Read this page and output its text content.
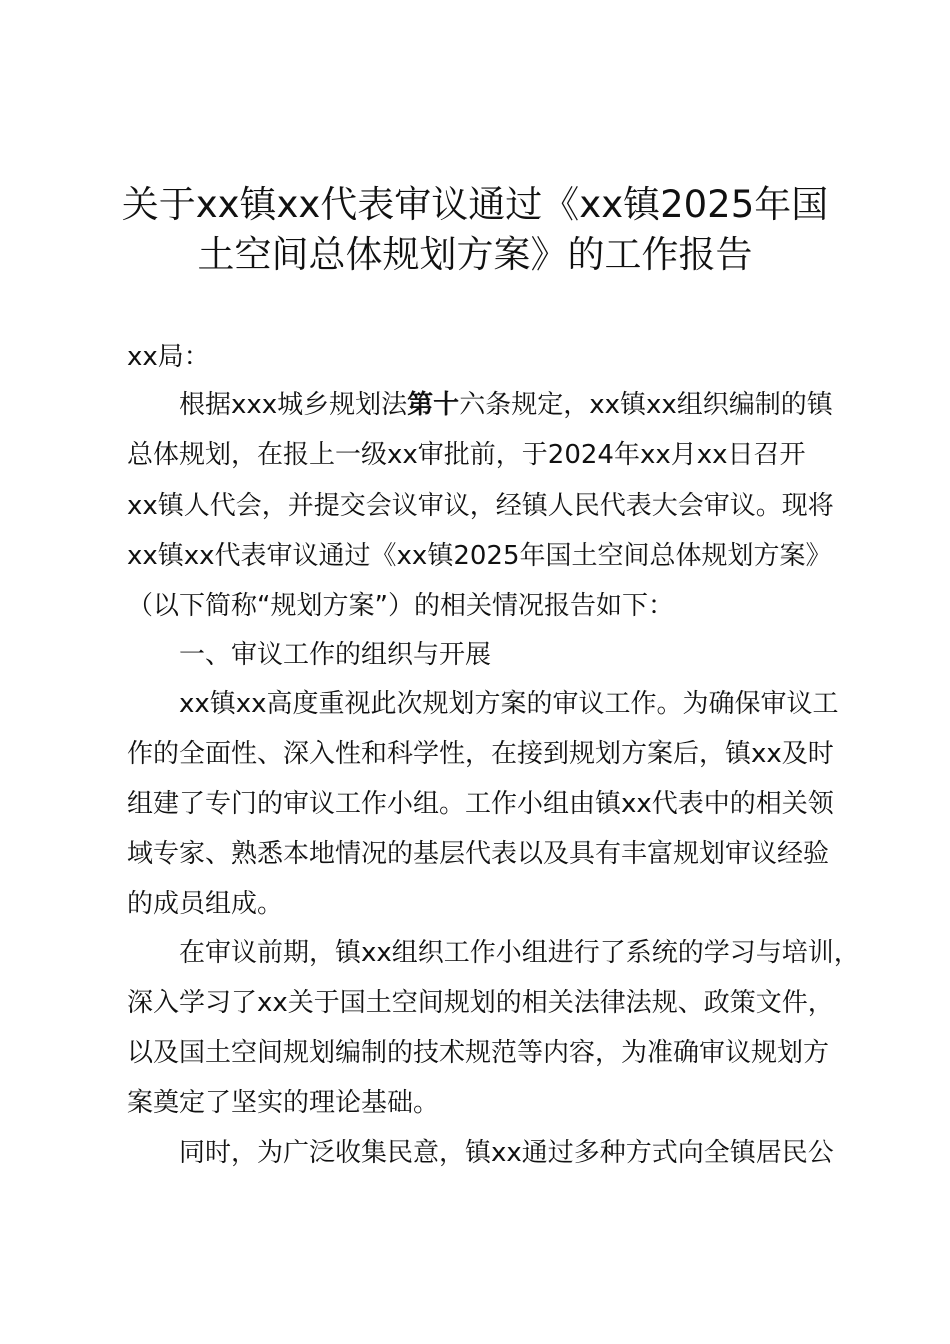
关于xx镇xx代表审议通过《xx镇2025年国
土空间总体规划方案》的工作报告
xx局：
根据xxx城乡规划法第十六条规定，xx镇xx组织编制的镇
总体规划，在报上一级xx审批前，于2024年xx月xx日召开
xx镇人代会，并提交会议审议，经镇人民代表大会审议。现将
xx镇xx代表审议通过《xx镇2025年国土空间总体规划方案》
（以下简称“规划方案”）的相关情况报告如下：
一、审议工作的组织与开展
xx镇xx高度重视此次规划方案的审议工作。为确保审议工
作的全面性、深入性和科学性，在接到规划方案后，镇xx及时
组建了专门的审议工作小组。工作小组由镇xx代表中的相关领
域专家、熟悉本地情况的基层代表以及具有丰富规划审议经验
的成员组成。
在审议前期，镇xx组织工作小组进行了系统的学习与培训，
深入学习了xx关于国土空间规划的相关法律法规、政策文件，
以及国土空间规划编制的技术规范等内容，为准确审议规划方
案奠定了坚实的理论基础。
同时，为广泛收集民意，镇xx通过多种方式向全镇居民公
